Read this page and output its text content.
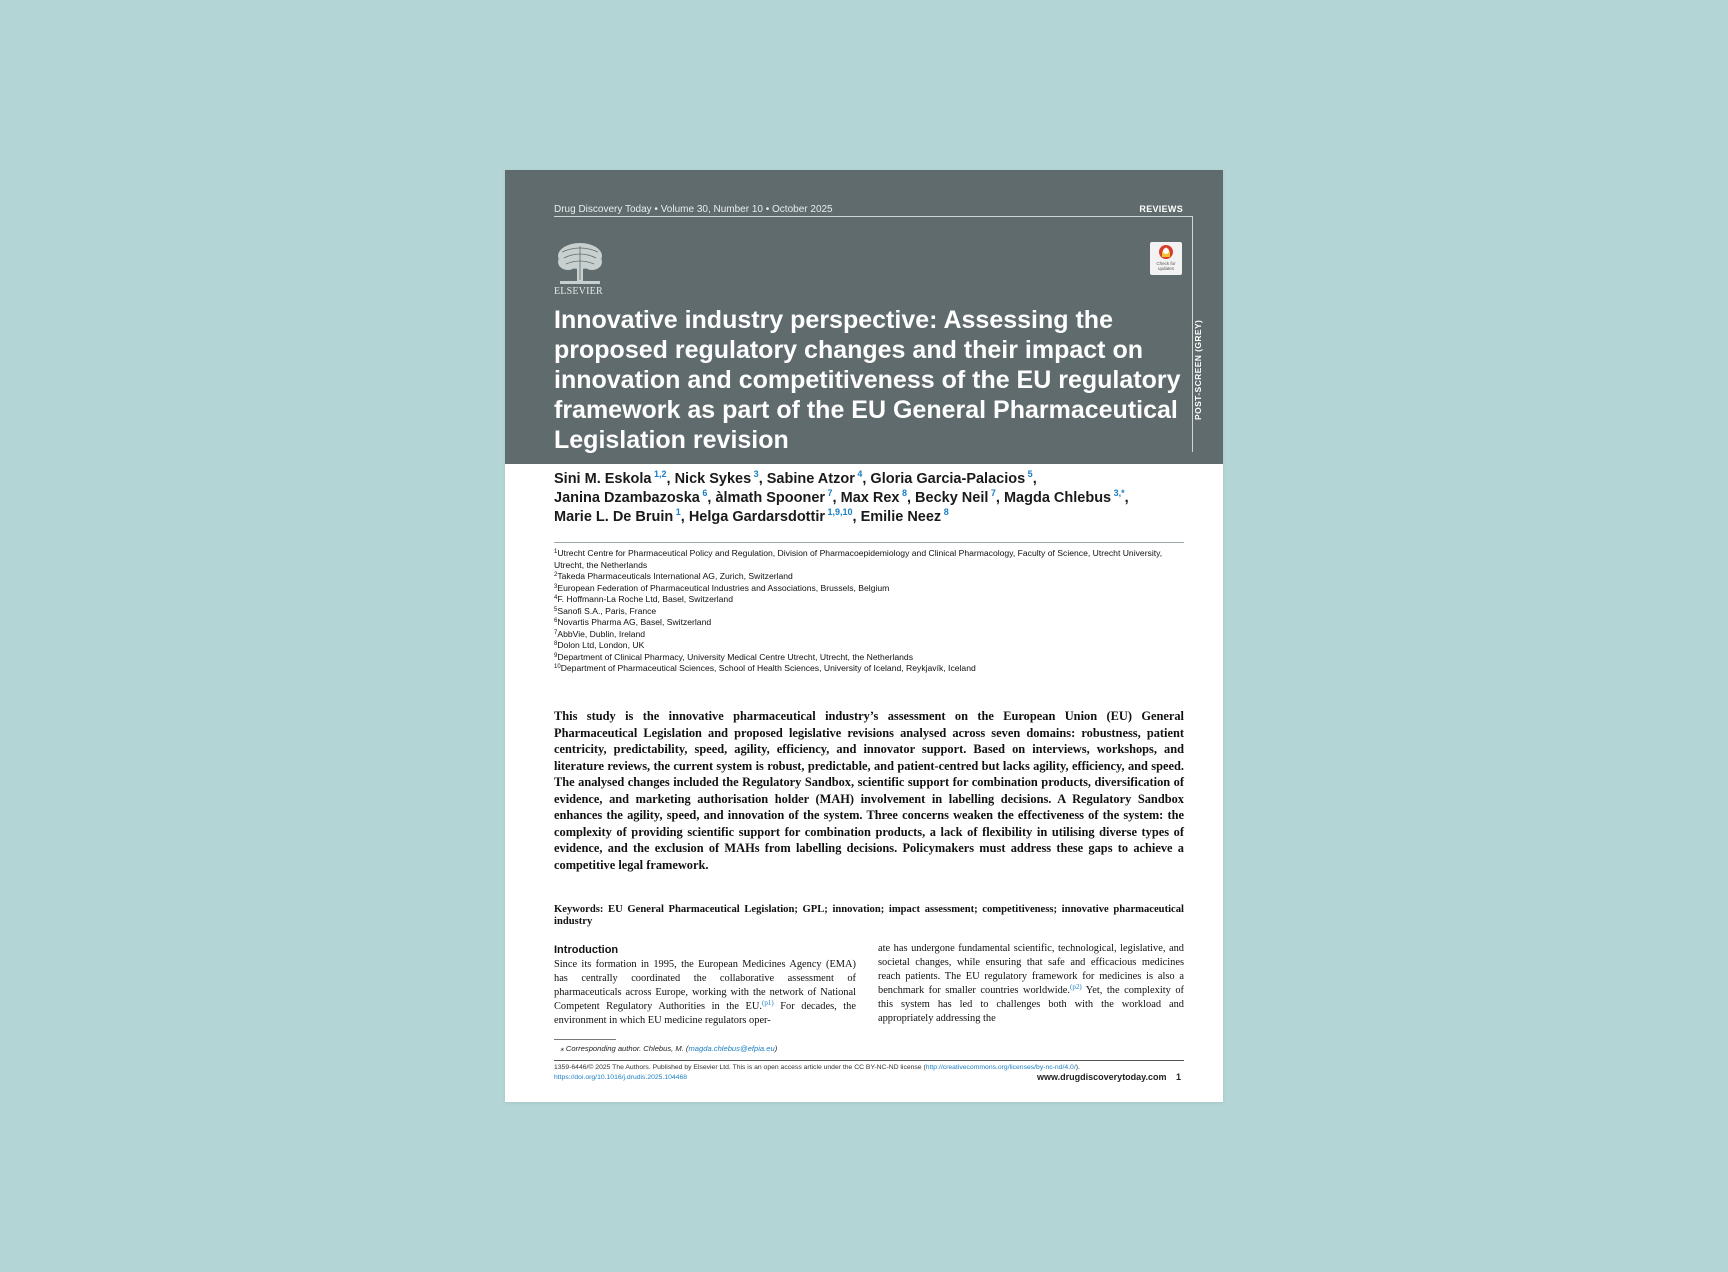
Drug Discovery Today • Volume 30, Number 10 • October 2025	REVIEWS
POST-SCREEN (GREY)
ELSEVIER
Check for updates
Innovative industry perspective: Assessing the proposed regulatory changes and their impact on innovation and competitiveness of the EU regulatory framework as part of the EU General Pharmaceutical Legislation revision
Sini M. Eskola $^{1,2}$, Nick Sykes $^3$, Sabine Atzor $^4$, Gloria Garcia-Palacios $^5$,
Janina Dzambazoska $^6$, àlmath Spooner $^7$, Max Rex $^8$, Becky Neil $^7$, Magda Chlebus $^{3,*}$,
Marie L. De Bruin $^1$, Helga Gardarsdottir $^{1,9,10}$, Emilie Neez $^8$
$^1$Utrecht Centre for Pharmaceutical Policy and Regulation, Division of Pharmacoepidemiology and Clinical Pharmacology, Faculty of Science, Utrecht University, Utrecht, the Netherlands
$^2$Takeda Pharmaceuticals International AG, Zurich, Switzerland
$^3$European Federation of Pharmaceutical Industries and Associations, Brussels, Belgium
$^4$F. Hoffmann-La Roche Ltd, Basel, Switzerland
$^5$Sanofi S.A., Paris, France
$^6$Novartis Pharma AG, Basel, Switzerland
$^7$AbbVie, Dublin, Ireland
$^8$Dolon Ltd, London, UK
$^9$Department of Clinical Pharmacy, University Medical Centre Utrecht, Utrecht, the Netherlands
$^{10}$Department of Pharmaceutical Sciences, School of Health Sciences, University of Iceland, Reykjavík, Iceland

This study is the innovative pharmaceutical industry’s assessment on the European Union (EU) General Pharmaceutical Legislation and proposed legislative revisions analysed across seven domains: robustness, patient centricity, predictability, speed, agility, efficiency, and innovator support. Based on interviews, workshops, and literature reviews, the current system is robust, predictable, and patient-centred but lacks agility, efficiency, and speed. The analysed changes included the Regulatory Sandbox, scientific support for combination products, diversification of evidence, and marketing authorisation holder (MAH) involvement in labelling decisions. A Regulatory Sandbox enhances the agility, speed, and innovation of the system. Three concerns weaken the effectiveness of the system: the complexity of providing scientific support for combination products, a lack of flexibility in utilising diverse types of evidence, and the exclusion of MAHs from labelling decisions. Policymakers must address these gaps to achieve a competitive legal framework.

Keywords: EU General Pharmaceutical Legislation; GPL; innovation; impact assessment; competitiveness; innovative pharmaceutical industry
Introduction

Since its formation in 1995, the European Medicines Agency (EMA) has centrally coordinated the collaborative assessment of pharmaceuticals across Europe, working with the network of National Competent Regulatory Authorities in the EU.$^{(p1)}$ For decades, the environment in which EU medicine regulators oper-

ate has undergone fundamental scientific, technological, legislative, and societal changes, while ensuring that safe and efficacious medicines reach patients. The EU regulatory framework for medicines is also a benchmark for smaller countries worldwide.$^{(p2)}$ Yet, the complexity of this system has led to challenges both with the workload and appropriately addressing the

⁎ Corresponding author. Chlebus, M. (magda.chlebus@efpia.eu)
1359-6446/© 2025 The Authors. Published by Elsevier Ltd. This is an open access article under the CC BY-NC-ND license (http://creativecommons.org/licenses/by-nc-nd/4.0/).
https://doi.org/10.1016/j.drudis.2025.104468	www.drugdiscoverytoday.com 1
